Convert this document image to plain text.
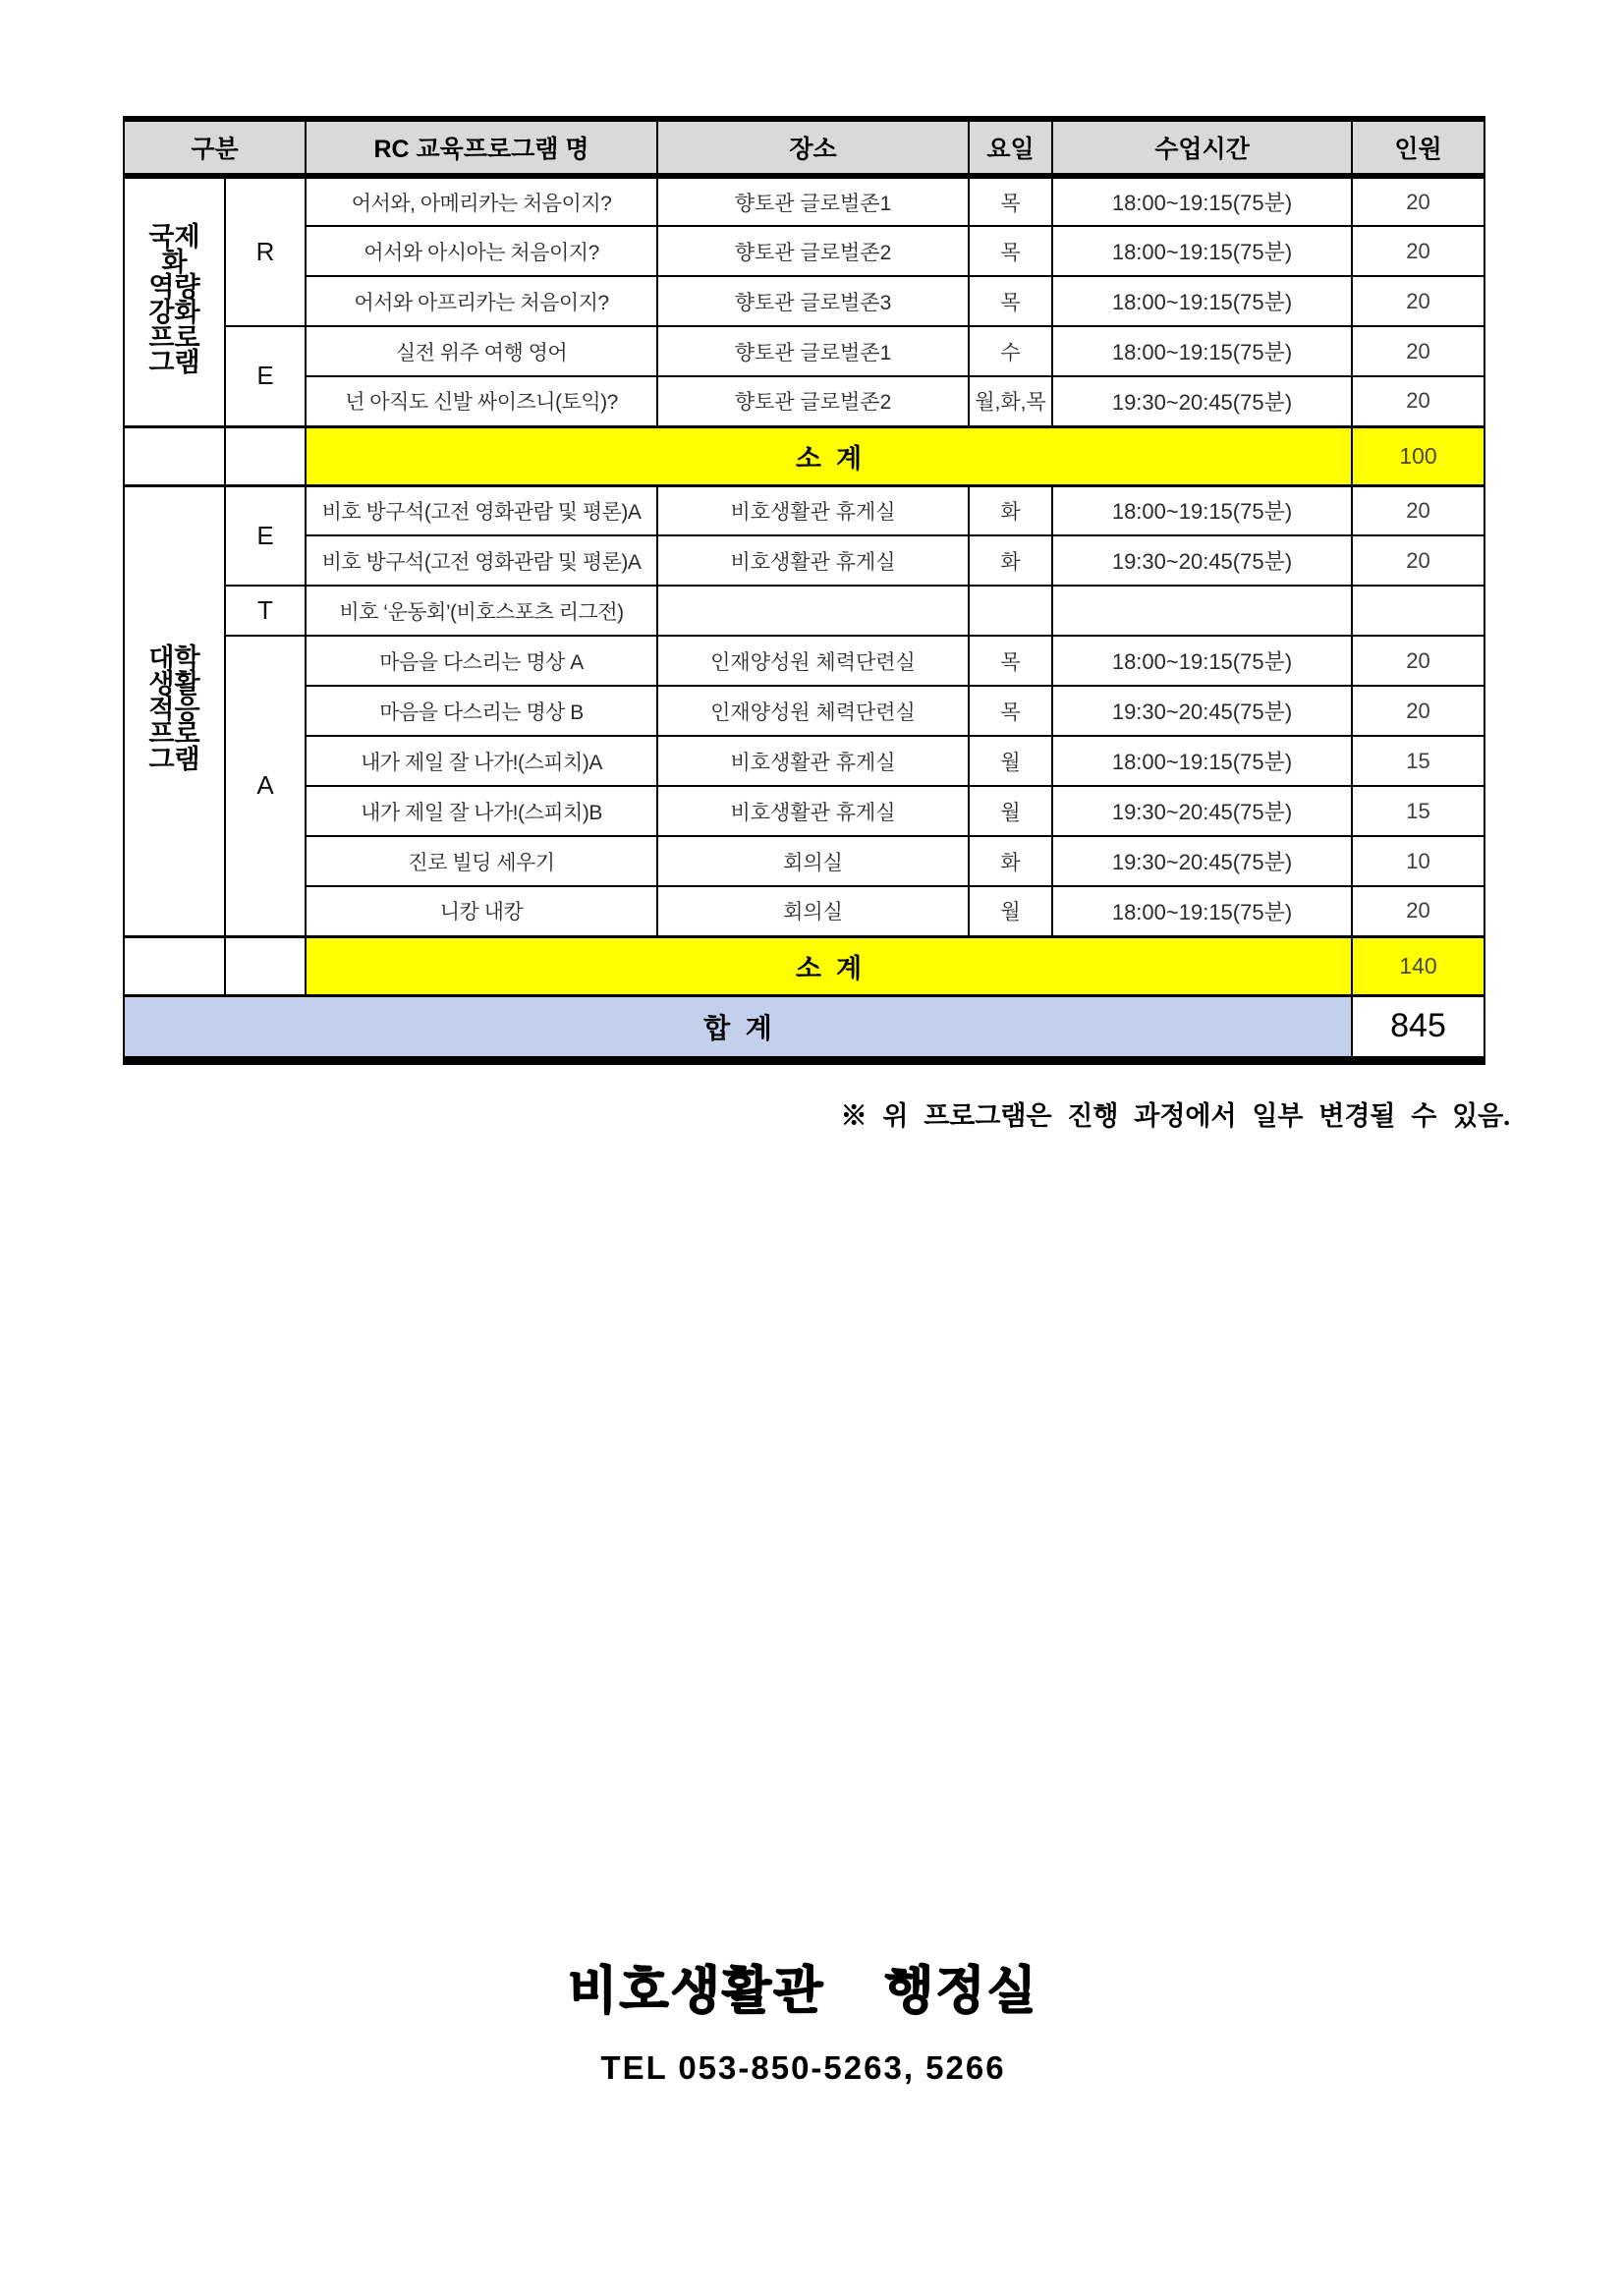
구분		RC 교육프로그램 명	장소	요일	수업시간	인원
국제화 역량강화 프로그램	R	어서와, 아메리카는 처음이지?	향토관 글로벌존1	목	18:00~19:15(75분)	20
		어서와 아시아는 처음이지?	향토관 글로벌존2	목	18:00~19:15(75분)	20
		어서와 아프리카는 처음이지?	향토관 글로벌존3	목	18:00~19:15(75분)	20
	E	실전 위주 여행 영어	향토관 글로벌존1	수	18:00~19:15(75분)	20
		넌 아직도 신발 싸이즈니(토익)?	향토관 글로벌존2	월,화,목	19:30~20:45(75분)	20
		소  계				100
대학생활 적응 프로그램	E	비호 방구석(고전 영화관람 및 평론)A	비호생활관 휴게실	화	18:00~19:15(75분)	20
		비호 방구석(고전 영화관람 및 평론)A	비호생활관 휴게실	화	19:30~20:45(75분)	20
	T	비호 ‘운동회’(비호스포츠 리그전)				
	A	마음을 다스리는 명상 A	인재양성원 체력단련실	목	18:00~19:15(75분)	20
		마음을 다스리는 명상 B	인재양성원 체력단련실	목	19:30~20:45(75분)	20
		내가 제일 잘 나가!(스피치)A	비호생활관 휴게실	월	18:00~19:15(75분)	15
		내가 제일 잘 나가!(스피치)B	비호생활관 휴게실	월	19:30~20:45(75분)	15
		진로 빌딩 세우기	회의실	화	19:30~20:45(75분)	10
		니캉 내캉	회의실	월	18:00~19:15(75분)	20
		소  계				140
합  계						845
※ 위 프로그램은 진행 과정에서 일부 변경될 수 있음.
비호생활관  행정실
TEL 053-850-5263, 5266
